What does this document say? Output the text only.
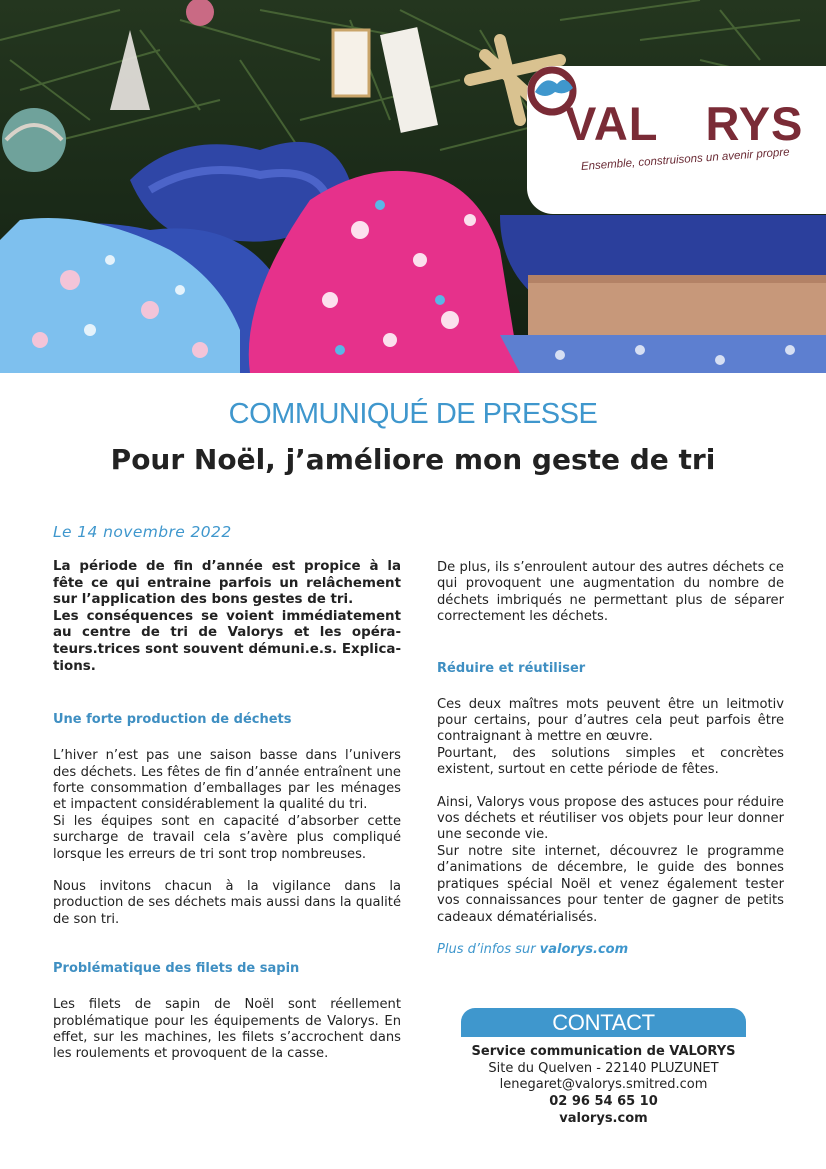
VAL RYS
Ensemble, construisons un avenir propre
COMMUNIQUÉ DE PRESSE
Pour Noël, j’améliore mon geste de tri
Le 14 novembre 2022

La période de fin d’année est propice à la fête ce qui entraine parfois un relâchement sur l’application des bons gestes de tri.

Les conséquences se voient immédiatement au centre de tri de Valorys et les opérateurs.trices sont souvent démuni.e.s. Explications.

Une forte production de déchets

L’hiver n’est pas une saison basse dans l’univers des déchets. Les fêtes de fin d’année entraînent une forte consommation d’emballages par les ménages et impactent considérablement la qualité du tri.

Si les équipes sont en capacité d’absorber cette surcharge de travail cela s’avère plus compliqué lorsque les erreurs de tri sont trop nombreuses.

Nous invitons chacun à la vigilance dans la production de ses déchets mais aussi dans la qualité de son tri.

Problématique des filets de sapin

Les filets de sapin de Noël sont réellement problématique pour les équipements de Valorys. En effet, sur les machines, les filets s’accrochent dans les roulements et provoquent de la casse.

De plus, ils s’enroulent autour des autres déchets ce qui provoquent une augmentation du nombre de déchets imbriqués ne permettant plus de séparer correctement les déchets.

Réduire et réutiliser

Ces deux maîtres mots peuvent être un leitmotiv pour certains, pour d’autres cela peut parfois être contraignant à mettre en œuvre.

Pourtant, des solutions simples et concrètes existent, surtout en cette période de fêtes.

Ainsi, Valorys vous propose des astuces pour réduire vos déchets et réutiliser vos objets pour leur donner une seconde vie.

Sur notre site internet, découvrez le programme d’animations de décembre, le guide des bonnes pratiques spécial Noël et venez également tester vos connaissances pour tenter de gagner de petits cadeaux dématérialisés.

Plus d’infos sur valorys.com

CONTACT
Service communication de VALORYS
Site du Quelven - 22140 PLUZUNET
lenegaret@valorys.smitred.com
02 96 54 65 10
valorys.com
